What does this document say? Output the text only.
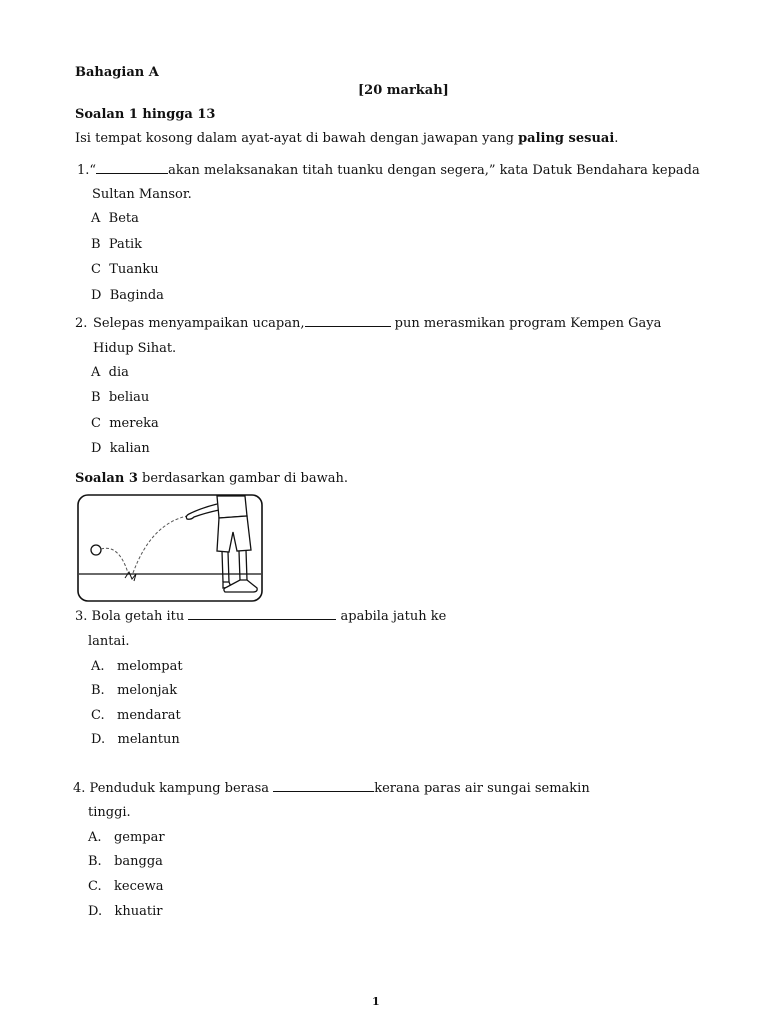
Bahagian A
[20 markah]
Soalan 1 hingga 13
Isi tempat kosong dalam ayat-ayat di bawah dengan jawapan yang paling sesuai.
1.“	akan melaksanakan titah tuanku dengan segera,” kata Datuk Bendahara kepada
Sultan Mansor.
A Beta
B Patik
C Tuanku
D Baginda
2. Selepas menyampaikan ucapan,	pun merasmikan program Kempen Gaya
Hidup Sihat.
A dia
B beliau
C mereka
D kalian
Soalan 3 berdasarkan gambar di bawah.
3. Bola getah itu	apabila jatuh ke
lantai.
A. melompat
B. melonjak
C. mendarat
D. melantun
4. Penduduk kampung berasa	kerana paras air sungai semakin
tinggi.
A. gempar
B. bangga
C. kecewa
D. khuatir
1
